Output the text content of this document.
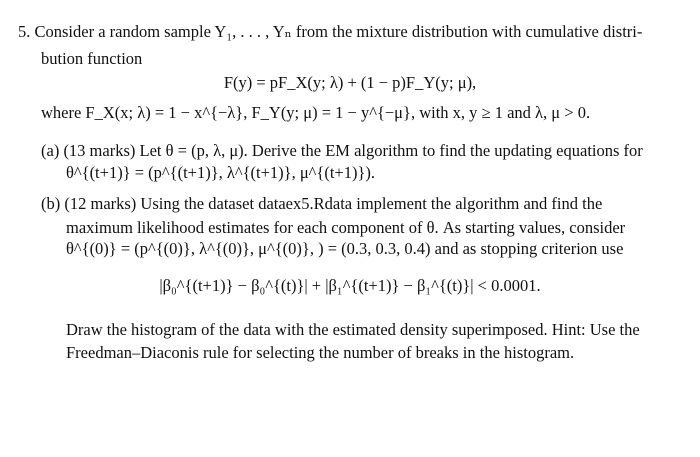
5. Consider a random sample Y₁, . . . , Yₙ from the mixture distribution with cumulative distri-
bution function
F(y) = pF_X(y; λ) + (1 − p)F_Y(y; μ),
where F_X(x; λ) = 1 − x^{−λ}, F_Y(y; μ) = 1 − y^{−μ}, with x, y ≥ 1 and λ, μ > 0.
(a) (13 marks) Let θ = (p, λ, μ). Derive the EM algorithm to find the updating equations for
θ^{(t+1)} = (p^{(t+1)}, λ^{(t+1)}, μ^{(t+1)}).
(b) (12 marks) Using the dataset dataex5.Rdata implement the algorithm and find the
maximum likelihood estimates for each component of θ. As starting values, consider
θ^{(0)} = (p^{(0)}, λ^{(0)}, μ^{(0)}, ) = (0.3, 0.3, 0.4) and as stopping criterion use
|β₀^{(t+1)} − β₀^{(t)}| + |β₁^{(t+1)} − β₁^{(t)}| < 0.0001.
Draw the histogram of the data with the estimated density superimposed. Hint: Use the
Freedman–Diaconis rule for selecting the number of breaks in the histogram.
